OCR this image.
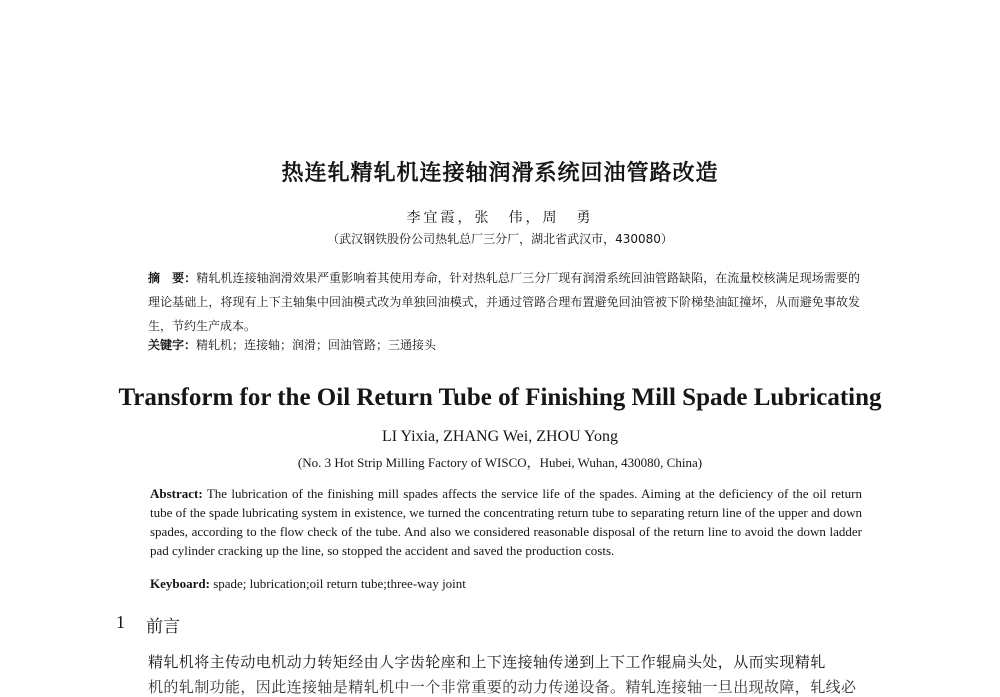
热连轧精轧机连接轴润滑系统回油管路改造
李宜霞，张　伟，周　勇
（武汉钢铁股份公司热轧总厂三分厂，湖北省武汉市，430080）
摘　要：精轧机连接轴润滑效果严重影响着其使用寿命，针对热轧总厂三分厂现有润滑系统回油管路缺陷，在流量校核满足现场需要的理论基础上，将现有上下主轴集中回油模式改为单独回油模式，并通过管路合理布置避免回油管被下阶梯垫油缸撞坏，从而避免事故发生，节约生产成本。
关键字：精轧机；连接轴；润滑；回油管路；三通接头
Transform for the Oil Return Tube of Finishing Mill Spade Lubricating
LI Yixia, ZHANG Wei, ZHOU Yong
(No. 3 Hot Strip Milling Factory of WISCO，Hubei, Wuhan, 430080, China)
Abstract: The lubrication of the finishing mill spades affects the service life of the spades. Aiming at the deficiency of the oil return tube of the spade lubricating system in existence, we turned the concentrating return tube to separating return line of the upper and down spades, according to the flow check of the tube. And also we considered reasonable disposal of the return line to avoid the down ladder pad cylinder cracking up the line, so stopped the accident and saved the production costs.
Keyboard: spade; lubrication;oil return tube;three-way joint
1 前言
精轧机将主传动电机动力转矩经由人字齿轮座和上下连接轴传递到上下工作辊扁头处，从而实现精轧
机的轧制功能，因此连接轴是精轧机中一个非常重要的动力传递设备。精轧连接轴一旦出现故障，轧线必
